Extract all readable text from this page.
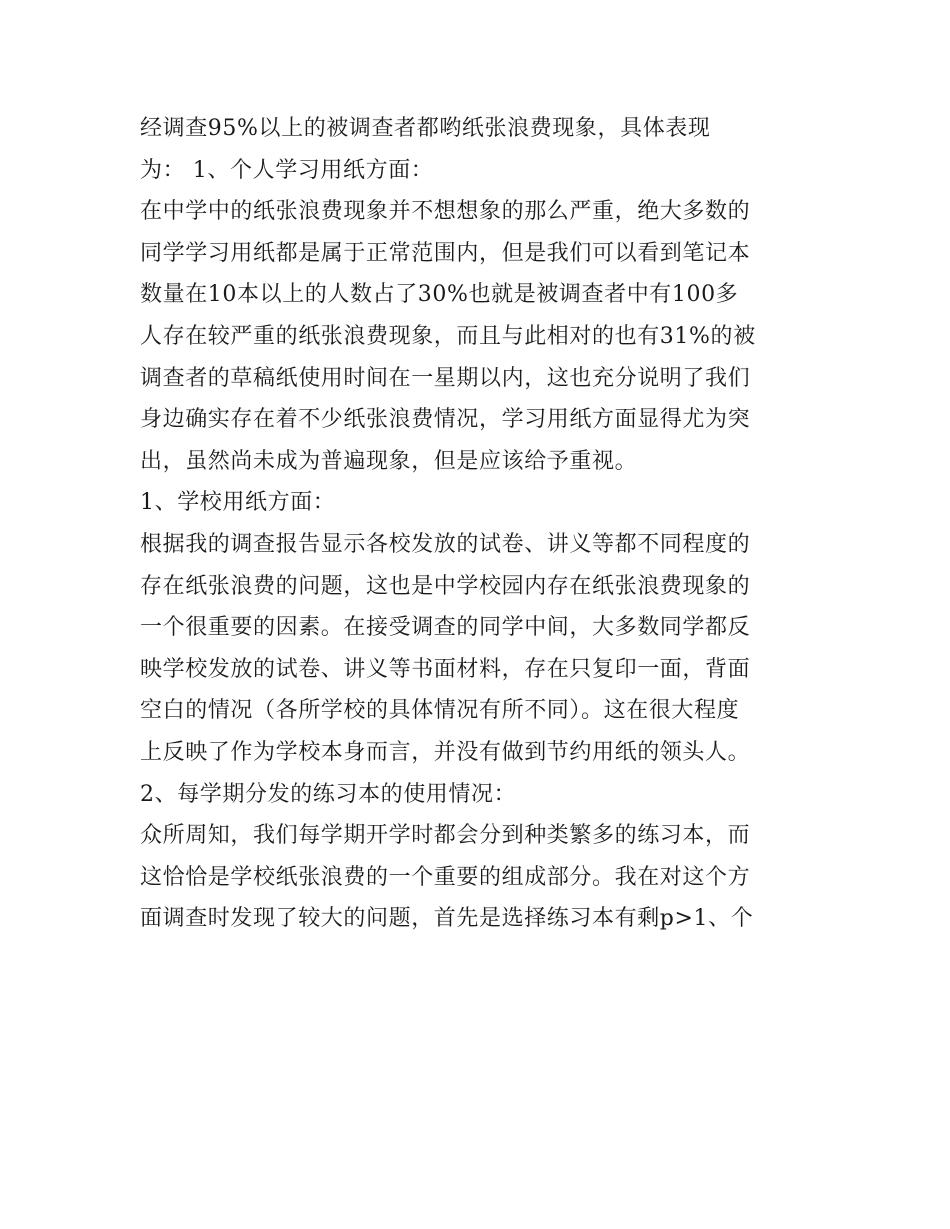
经调查95%以上的被调查者都哟纸张浪费现象，具体表现
为： 1、个人学习用纸方面：
在中学中的纸张浪费现象并不想想象的那么严重，绝大多数的
同学学习用纸都是属于正常范围内，但是我们可以看到笔记本
数量在10本以上的人数占了30%也就是被调查者中有100多
人存在较严重的纸张浪费现象，而且与此相对的也有31%的被
调查者的草稿纸使用时间在一星期以内，这也充分说明了我们
身边确实存在着不少纸张浪费情况，学习用纸方面显得尤为突
出，虽然尚未成为普遍现象，但是应该给予重视。
1、学校用纸方面：
根据我的调查报告显示各校发放的试卷、讲义等都不同程度的
存在纸张浪费的问题，这也是中学校园内存在纸张浪费现象的
一个很重要的因素。在接受调查的同学中间，大多数同学都反
映学校发放的试卷、讲义等书面材料，存在只复印一面，背面
空白的情况（各所学校的具体情况有所不同）。这在很大程度
上反映了作为学校本身而言，并没有做到节约用纸的领头人。
2、每学期分发的练习本的使用情况：
众所周知，我们每学期开学时都会分到种类繁多的练习本，而
这恰恰是学校纸张浪费的一个重要的组成部分。我在对这个方
面调查时发现了较大的问题，首先是选择练习本有剩p>1、个
